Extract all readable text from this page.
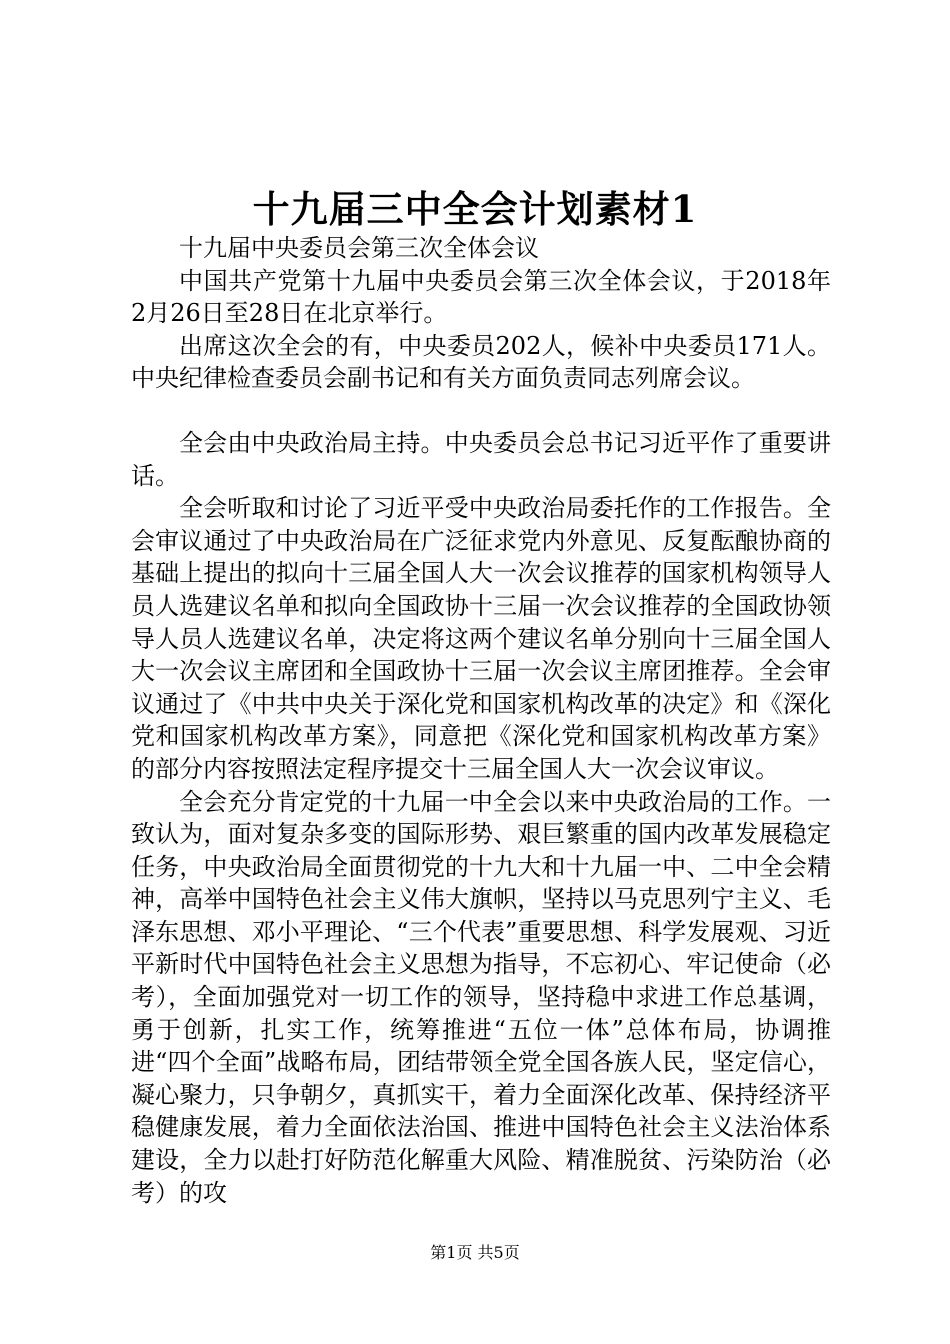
十九届三中全会计划素材1

十九届中央委员会第三次全体会议

中国共产党第十九届中央委员会第三次全体会议，于2018年2月26日至28日在北京举行。

出席这次全会的有，中央委员202人，候补中央委员171人。中央纪律检查委员会副书记和有关方面负责同志列席会议。

全会由中央政治局主持。中央委员会总书记习近平作了重要讲话。

全会听取和讨论了习近平受中央政治局委托作的工作报告。全会审议通过了中央政治局在广泛征求党内外意见、反复酝酿协商的基础上提出的拟向十三届全国人大一次会议推荐的国家机构领导人员人选建议名单和拟向全国政协十三届一次会议推荐的全国政协领导人员人选建议名单，决定将这两个建议名单分别向十三届全国人大一次会议主席团和全国政协十三届一次会议主席团推荐。全会审议通过了《中共中央关于深化党和国家机构改革的决定》和《深化党和国家机构改革方案》，同意把《深化党和国家机构改革方案》的部分内容按照法定程序提交十三届全国人大一次会议审议。

全会充分肯定党的十九届一中全会以来中央政治局的工作。一致认为，面对复杂多变的国际形势、艰巨繁重的国内改革发展稳定任务，中央政治局全面贯彻党的十九大和十九届一中、二中全会精神，高举中国特色社会主义伟大旗帜，坚持以马克思列宁主义、毛泽东思想、邓小平理论、“三个代表”重要思想、科学发展观、习近平新时代中国特色社会主义思想为指导，不忘初心、牢记使命（必考），全面加强党对一切工作的领导，坚持稳中求进工作总基调，勇于创新，扎实工作，统筹推进“五位一体”总体布局，协调推进“四个全面”战略布局，团结带领全党全国各族人民，坚定信心，凝心聚力，只争朝夕，真抓实干，着力全面深化改革、保持经济平稳健康发展，着力全面依法治国、推进中国特色社会主义法治体系建设，全力以赴打好防范化解重大风险、精准脱贫、污染防治（必考）的攻

第1页 共5页
